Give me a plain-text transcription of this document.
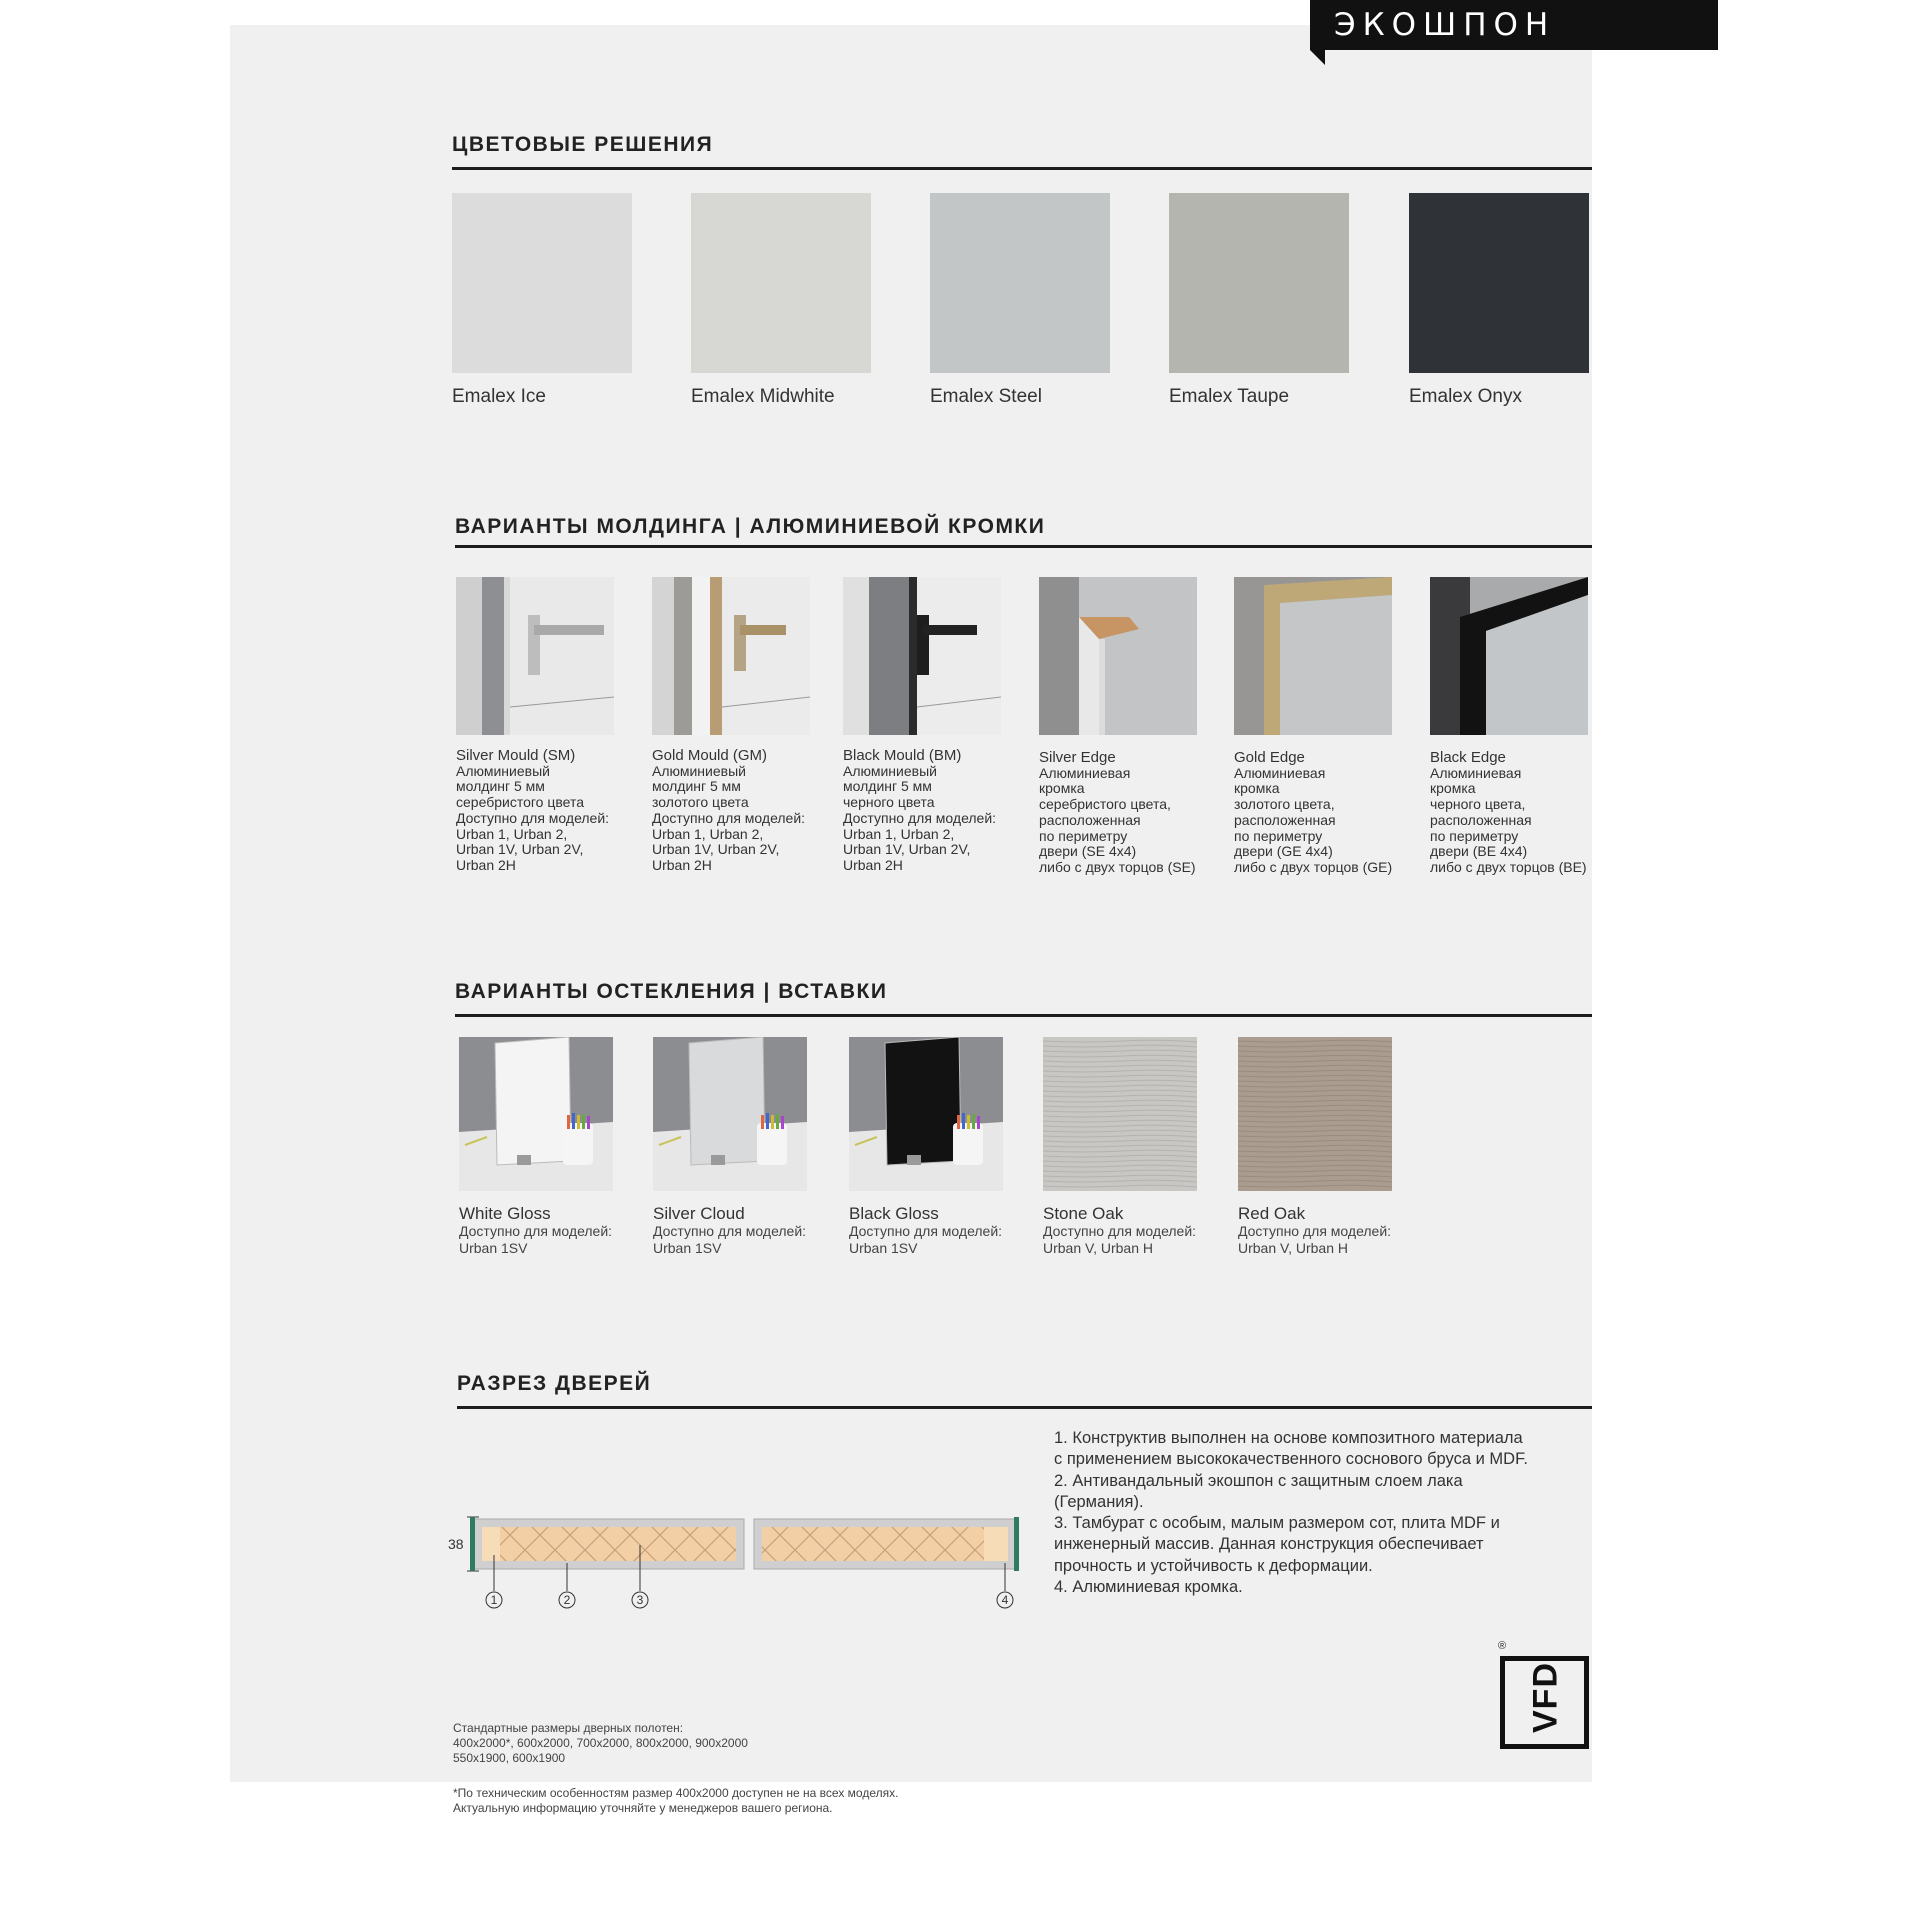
ЭКОШПОН
ЦВЕТОВЫЕ РЕШЕНИЯ
Emalex Ice	Emalex Midwhite	Emalex Steel	Emalex Taupe	Emalex Onyx
ВАРИАНТЫ МОЛДИНГА | АЛЮМИНИЕВОЙ КРОМКИ
Silver Mould (SM)
Алюминиевый
молдинг 5 мм
серебристого цвета
Доступно для моделей:
Urban 1, Urban 2,
Urban 1V, Urban 2V,
Urban 2H
Gold Mould (GM)
Алюминиевый
молдинг 5 мм
золотого цвета
Доступно для моделей:
Urban 1, Urban 2,
Urban 1V, Urban 2V,
Urban 2H
Black Mould (BM)
Алюминиевый
молдинг 5 мм
черного цвета
Доступно для моделей:
Urban 1, Urban 2,
Urban 1V, Urban 2V,
Urban 2H
Silver Edge
Алюминиевая
кромка
серебристого цвета,
расположенная
по периметру
двери (SE 4x4)
либо с двух торцов (SE)
Gold Edge
Алюминиевая
кромка
золотого цвета,
расположенная
по периметру
двери (GE 4x4)
либо с двух торцов (GE)
Black Edge
Алюминиевая
кромка
черного цвета,
расположенная
по периметру
двери (BE 4x4)
либо с двух торцов (BE)
ВАРИАНТЫ ОСТЕКЛЕНИЯ | ВСТАВКИ
White Gloss
Доступно для моделей:
Urban 1SV
Silver Cloud
Доступно для моделей:
Urban 1SV
Black Gloss
Доступно для моделей:
Urban 1SV
Stone Oak
Доступно для моделей:
Urban V, Urban H
Red Oak
Доступно для моделей:
Urban V, Urban H
РАЗРЕЗ ДВЕРЕЙ
38
1	2	3	4
1. Конструктив выполнен на основе композитного материала с применением высококачественного соснового бруса и MDF.
2. Антивандальный экошпон с защитным слоем лака (Германия).
3. Тамбурат с особым, малым размером сот, плита MDF и инженерный массив. Данная конструкция обеспечивает прочность и устойчивость к деформации.
4. Алюминиевая кромка.
Стандартные размеры дверных полотен:
400x2000*, 600x2000, 700x2000, 800x2000, 900x2000
550x1900, 600x1900
*По техническим особенностям размер 400x2000 доступен не на всех моделях.
Актуальную информацию уточняйте у менеджеров вашего региона.
VFD
®
